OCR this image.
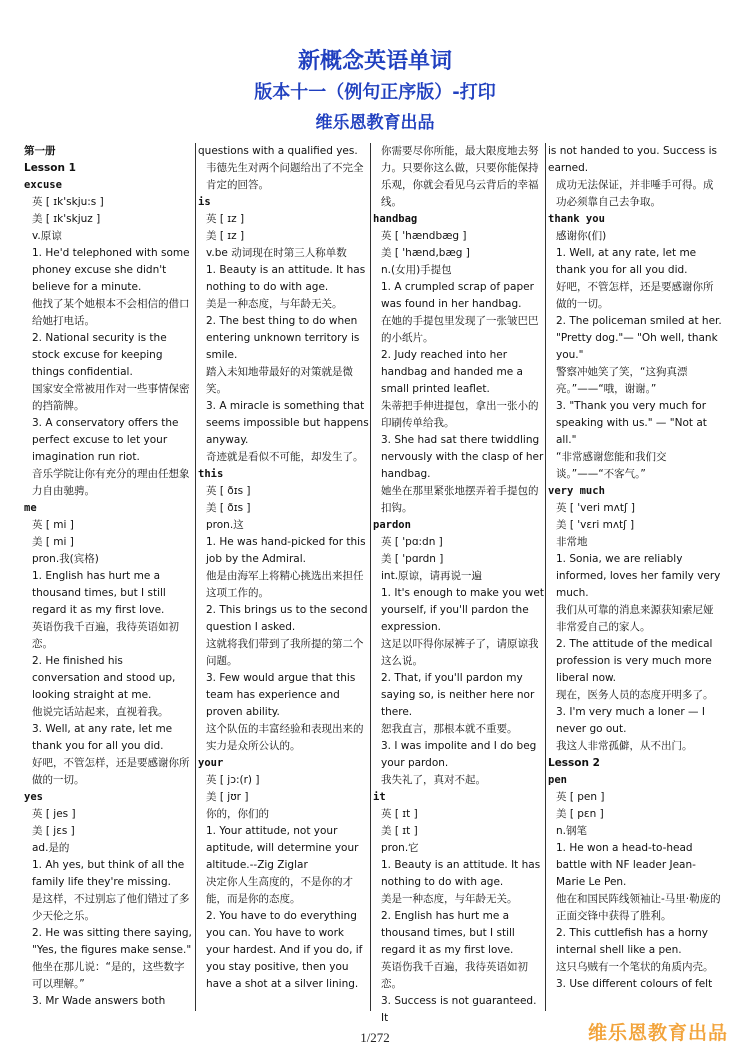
新概念英语单词
版本十一（例句正序版）-打印
维乐恩教育出品
第一册
Lesson 1
excuse
英 [ ɪk'skju:s ]
美 [ ɪk'skjuz ]
v.原谅
1. He'd telephoned with some phoney excuse she didn't believe for a minute.
他找了某个她根本不会相信的借口给她打电话。
2. National security is the stock excuse for keeping things confidential.
国家安全常被用作对一些事情保密的挡箭牌。
3. A conservatory offers the perfect excuse to let your imagination run riot.
音乐学院让你有充分的理由任想象力自由驰骋。
me
英 [ mi ]
美 [ mi ]
pron.我(宾格)
1. English has hurt me a thousand times, but I still regard it as my first love.
英语伤我千百遍，我待英语如初恋。
2. He finished his conversation and stood up, looking straight at me.
他说完话站起来，直视着我。
3. Well, at any rate, let me thank you for all you did.
好吧，不管怎样，还是要感谢你所做的一切。
yes
英 [ jes ]
美 [ jɛs ]
ad.是的
1. Ah yes, but think of all the family life they're missing.
是这样，不过别忘了他们错过了多少天伦之乐。
2. He was sitting there saying, "Yes, the figures make sense."
他坐在那儿说：“是的，这些数字可以理解。”
3. Mr Wade answers both
questions with a qualified yes.
韦德先生对两个问题给出了不完全肯定的回答。
is
英 [ ɪz ]
美 [ ɪz ]
v.be 动词现在时第三人称单数
1. Beauty is an attitude. It has nothing to do with age.
美是一种态度，与年龄无关。
2. The best thing to do when entering unknown territory is smile.
踏入未知地带最好的对策就是微笑。
3. A miracle is something that seems impossible but happens anyway.
奇迹就是看似不可能，却发生了。
this
英 [ ðɪs ]
美 [ ðɪs ]
pron.这
1. He was hand-picked for this job by the Admiral.
他是由海军上将精心挑选出来担任这项工作的。
2. This brings us to the second question I asked.
这就将我们带到了我所提的第二个问题。
3. Few would argue that this team has experience and proven ability.
这个队伍的丰富经验和表现出来的实力是众所公认的。
your
英 [ jɔ:(r) ]
美 [ jʊr ]
你的，你们的
1. Your attitude, not your aptitude, will determine your altitude.--Zig Ziglar
决定你人生高度的，不是你的才能，而是你的态度。
2. You have to do everything you can. You have to work your hardest. And if you do, if you stay positive, then you have a shot at a silver lining.
你需要尽你所能，最大限度地去努力。只要你这么做，只要你能保持乐观，你就会看见乌云背后的幸福线。
handbag
英 [ 'hændbæg ]
美 [ 'hænd,bæg ]
n.(女用)手提包
1. A crumpled scrap of paper was found in her handbag.
在她的手提包里发现了一张皱巴巴的小纸片。
2. Judy reached into her handbag and handed me a small printed leaflet.
朱蒂把手伸进提包，拿出一张小的印刷传单给我。
3. She had sat there twiddling nervously with the clasp of her handbag.
她坐在那里紧张地摆弄着手提包的扣钩。
pardon
英 [ 'pɑ:dn ]
美 [ 'pɑrdn ]
int.原谅，请再说一遍
1. It's enough to make you wet yourself, if you'll pardon the expression.
这足以吓得你尿裤子了，请原谅我这么说。
2. That, if you'll pardon my saying so, is neither here nor there.
恕我直言，那根本就不重要。
3. I was impolite and I do beg your pardon.
我失礼了，真对不起。
it
英 [ ɪt ]
美 [ ɪt ]
pron.它
1. Beauty is an attitude. It has nothing to do with age.
美是一种态度，与年龄无关。
2. English has hurt me a thousand times, but I still regard it as my first love.
英语伤我千百遍，我待英语如初恋。
3. Success is not guaranteed. It
is not handed to you. Success is earned.
成功无法保证，并非唾手可得。成功必须靠自己去争取。
thank you
感谢你(们)
1. Well, at any rate, let me thank you for all you did.
好吧，不管怎样，还是要感谢你所做的一切。
2. The policeman smiled at her. "Pretty dog."— "Oh well, thank you."
警察冲她笑了笑，“这狗真漂亮。”——“哦，谢谢。”
3. "Thank you very much for speaking with us." — "Not at all."
“非常感谢您能和我们交谈。”——“不客气。”
very much
英 [ 'veri mʌtʃ ]
美 [ 'vɛri mʌtʃ ]
非常地
1. Sonia, we are reliably informed, loves her family very much.
我们从可靠的消息来源获知索尼娅非常爱自己的家人。
2. The attitude of the medical profession is very much more liberal now.
现在，医务人员的态度开明多了。
3. I'm very much a loner — I never go out.
我这人非常孤僻，从不出门。
Lesson 2
pen
英 [ pen ]
美 [ pɛn ]
n.钢笔
1. He won a head-to-head battle with NF leader Jean-Marie Le Pen.
他在和国民阵线领袖让-马里·勒庞的正面交锋中获得了胜利。
2. This cuttlefish has a horny internal shell like a pen.
这只乌贼有一个笔状的角质内壳。
3. Use different colours of felt
1/272	维乐恩教育出品
